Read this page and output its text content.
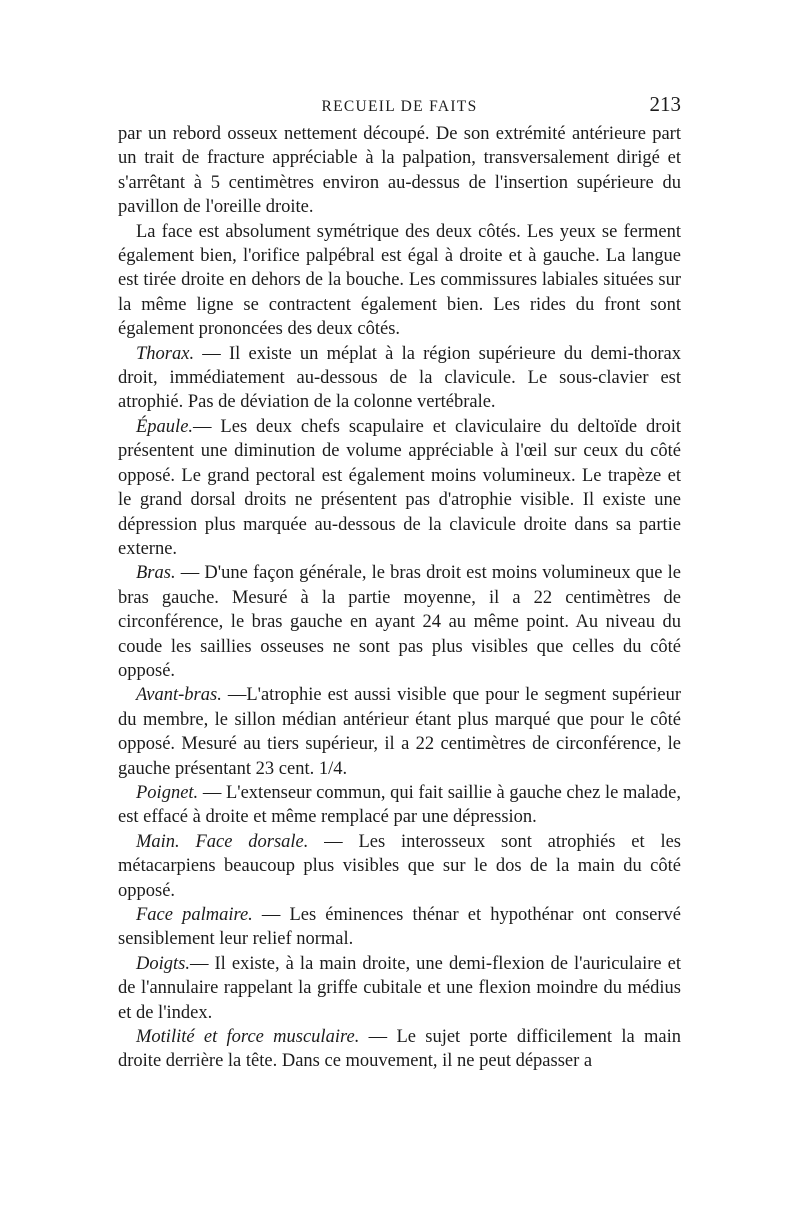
RECUEIL DE FAITS	213

par un rebord osseux nettement découpé. De son extrémité antérieure part un trait de fracture appréciable à la palpation, transversalement dirigé et s'arrêtant à 5 centimètres environ au-dessus de l'insertion supérieure du pavillon de l'oreille droite.

La face est absolument symétrique des deux côtés. Les yeux se ferment également bien, l'orifice palpébral est égal à droite et à gauche. La langue est tirée droite en dehors de la bouche. Les commissures labiales situées sur la même ligne se contractent également bien. Les rides du front sont également prononcées des deux côtés.

Thorax. — Il existe un méplat à la région supérieure du demi-thorax droit, immédiatement au-dessous de la clavicule. Le sous-clavier est atrophié. Pas de déviation de la colonne vertébrale.

Épaule.— Les deux chefs scapulaire et claviculaire du deltoïde droit présentent une diminution de volume appréciable à l'œil sur ceux du côté opposé. Le grand pectoral est également moins volumineux. Le trapèze et le grand dorsal droits ne présentent pas d'atrophie visible. Il existe une dépression plus marquée au-dessous de la clavicule droite dans sa partie externe.

Bras. — D'une façon générale, le bras droit est moins volumineux que le bras gauche. Mesuré à la partie moyenne, il a 22 centimètres de circonférence, le bras gauche en ayant 24 au même point. Au niveau du coude les saillies osseuses ne sont pas plus visibles que celles du côté opposé.

Avant-bras. —L'atrophie est aussi visible que pour le segment supérieur du membre, le sillon médian antérieur étant plus marqué que pour le côté opposé. Mesuré au tiers supérieur, il a 22 centimètres de circonférence, le gauche présentant 23 cent. 1/4.

Poignet. — L'extenseur commun, qui fait saillie à gauche chez le malade, est effacé à droite et même remplacé par une dépression.

Main. Face dorsale. — Les interosseux sont atrophiés et les métacarpiens beaucoup plus visibles que sur le dos de la main du côté opposé.

Face palmaire. — Les éminences thénar et hypothénar ont conservé sensiblement leur relief normal.

Doigts.— Il existe, à la main droite, une demi-flexion de l'auriculaire et de l'annulaire rappelant la griffe cubitale et une flexion moindre du médius et de l'index.

Motilité et force musculaire. — Le sujet porte difficilement la main droite derrière la tête. Dans ce mouvement, il ne peut dépasser a
